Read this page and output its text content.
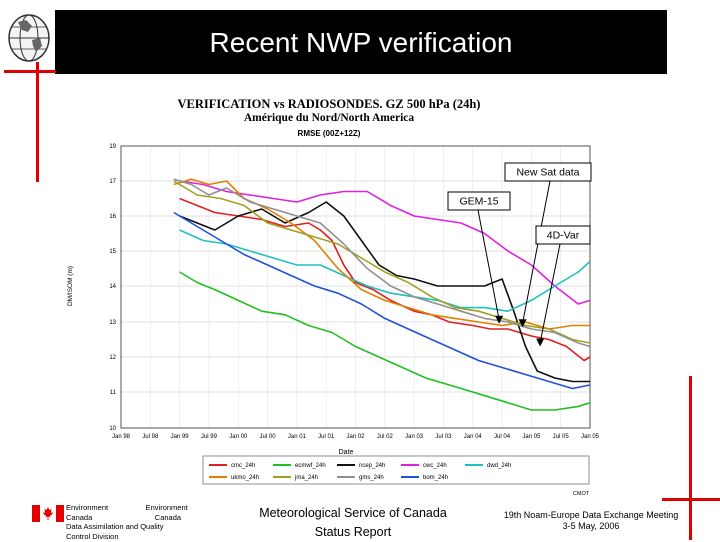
Recent NWP verification
VERIFICATION vs RADIOSONDES. GZ 500 hPa (24h)
Amérique du Nord/North America
RMSE (00Z+12Z)
19
17
16
15
14
13
12
11
10
Jan 98 Jul 98 Jan 99 Jul 99 Jan 00 Jul 00 Jan 01 Jul 01 Jan 02 Jul 02 Jan 03 Jul 03 Jan 04 Jul 04 Jan 05 Jul 05 Jan 05
New Sat data
GEM-15
4D-Var
DM/ISOM (m)
Date
cmc_24h	ecmwf_24h	ncep_24h	cwc_24h	dwd_24h
ukmo_24h	jma_24h	gms_24h	bom_24h
CMOT
Environment	Environment
Canada	Canada
Data Assimilation and Quality
Control Division
Meteorological Service of Canada
Status Report
19th Noam-Europe Data Exchange Meeting
3-5 May, 2006
